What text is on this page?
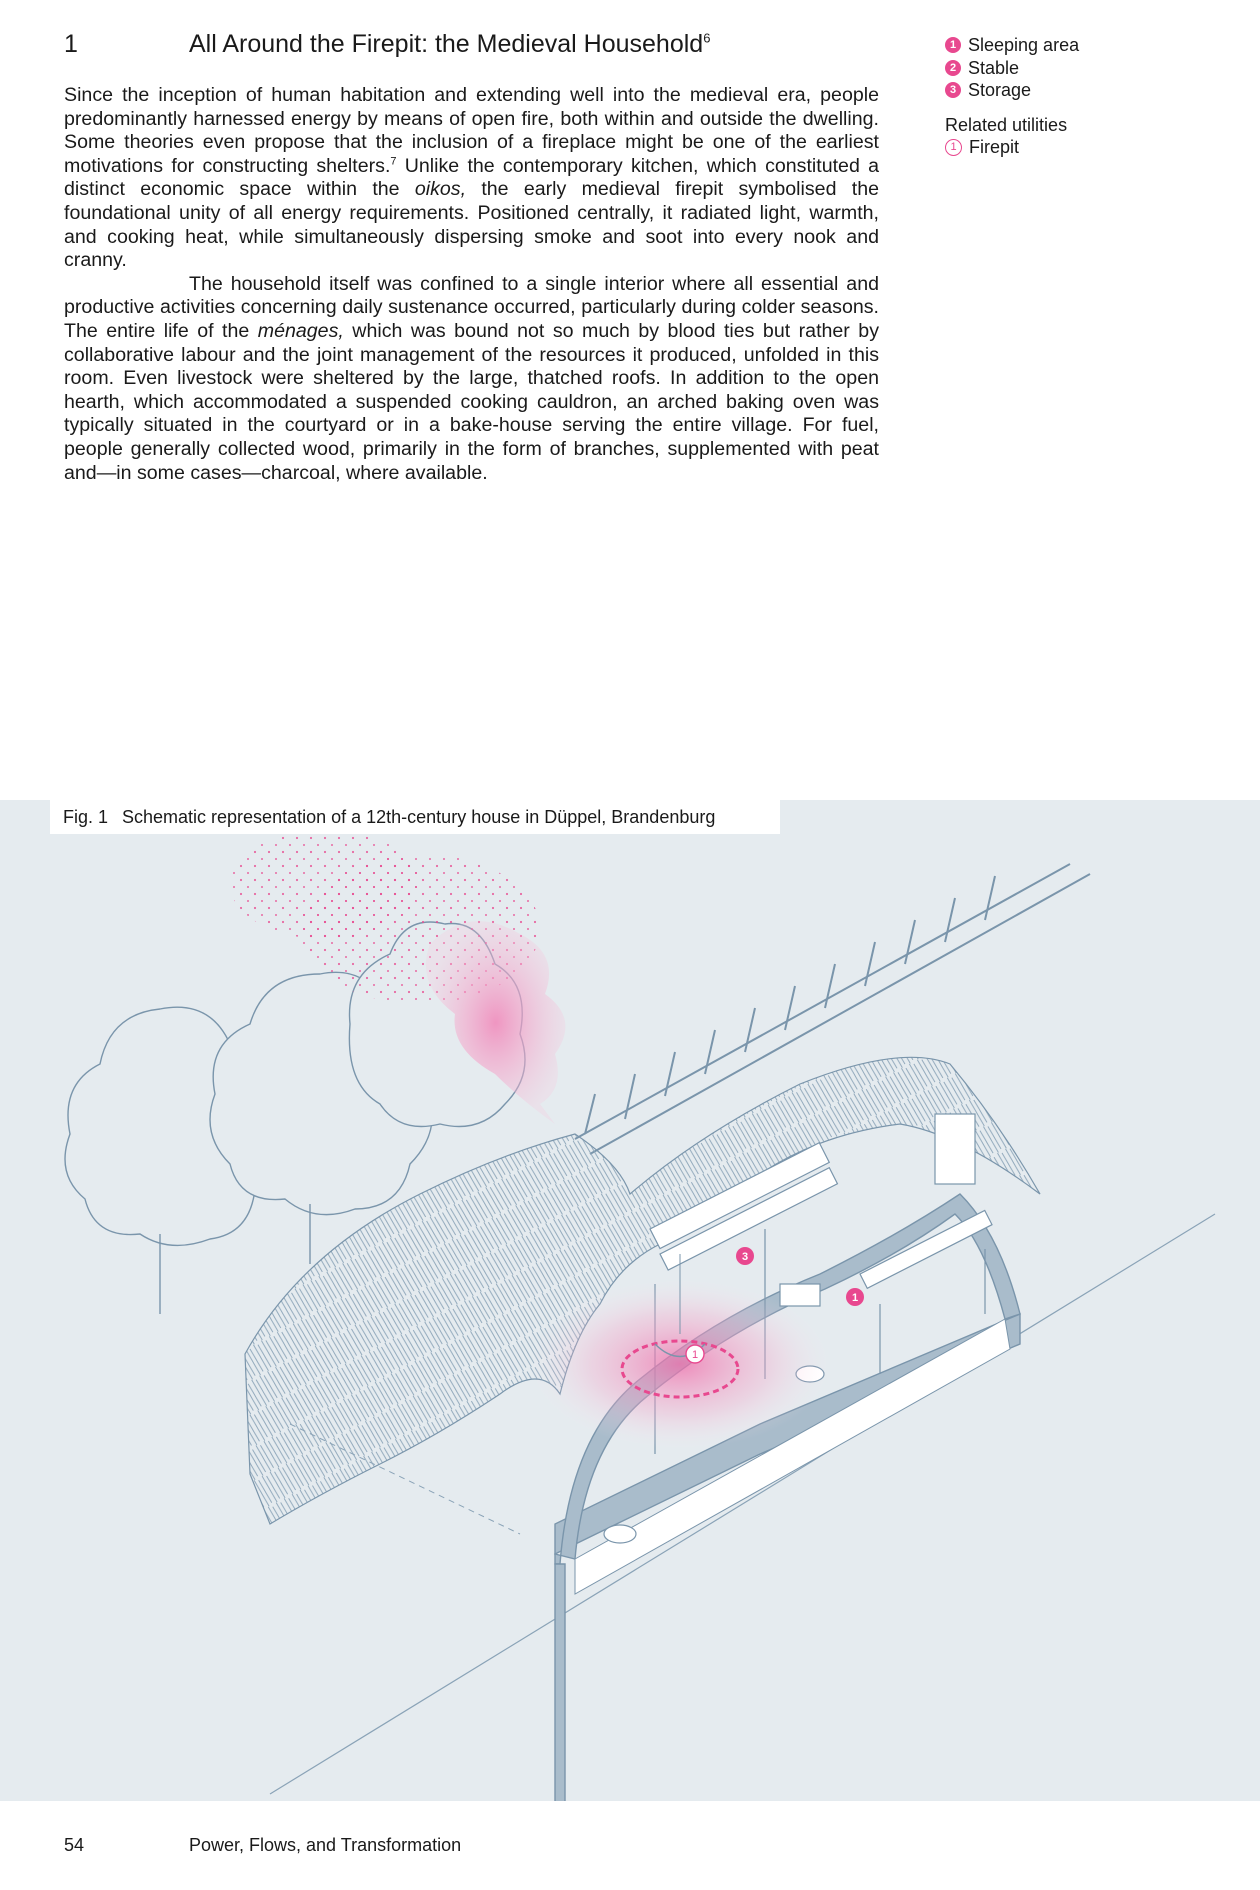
1	All Around the Firepit: the Medieval Household$^6$

Since the inception of human habitation and extending well into the medieval era, people predominantly harnessed energy by means of open fire, both within and outside the dwelling. Some theories even propose that the inclusion of a fireplace might be one of the earliest motivations for constructing shelters.$^7$ Unlike the contemporary kitchen, which constituted a distinct economic space within the oikos, the early medieval firepit symbolised the foundational unity of all energy requirements. Positioned centrally, it radiated light, warmth, and cooking heat, while simultaneously dispersing smoke and soot into every nook and cranny.

The household itself was confined to a single interior where all essential and productive activities concerning daily sustenance occurred, particularly during colder seasons. The entire life of the ménages, which was bound not so much by blood ties but rather by collaborative labour and the joint management of the resources it produced, unfolded in this room. Even livestock were sheltered by the large, thatched roofs. In addition to the open hearth, which accommodated a suspended cooking cauldron, an arched baking oven was typically situated in the courtyard or in a bake-house serving the entire village. For fuel, people generally collected wood, primarily in the form of branches, supplemented with peat and—in some cases—charcoal, where available.

1 Sleeping area
2 Stable
3 Storage
Related utilities
1 Firepit
Fig. 1 Schematic representation of a 12th-century house in Düppel, Brandenburg
3
1
1
54	Power, Flows, and Transformation
